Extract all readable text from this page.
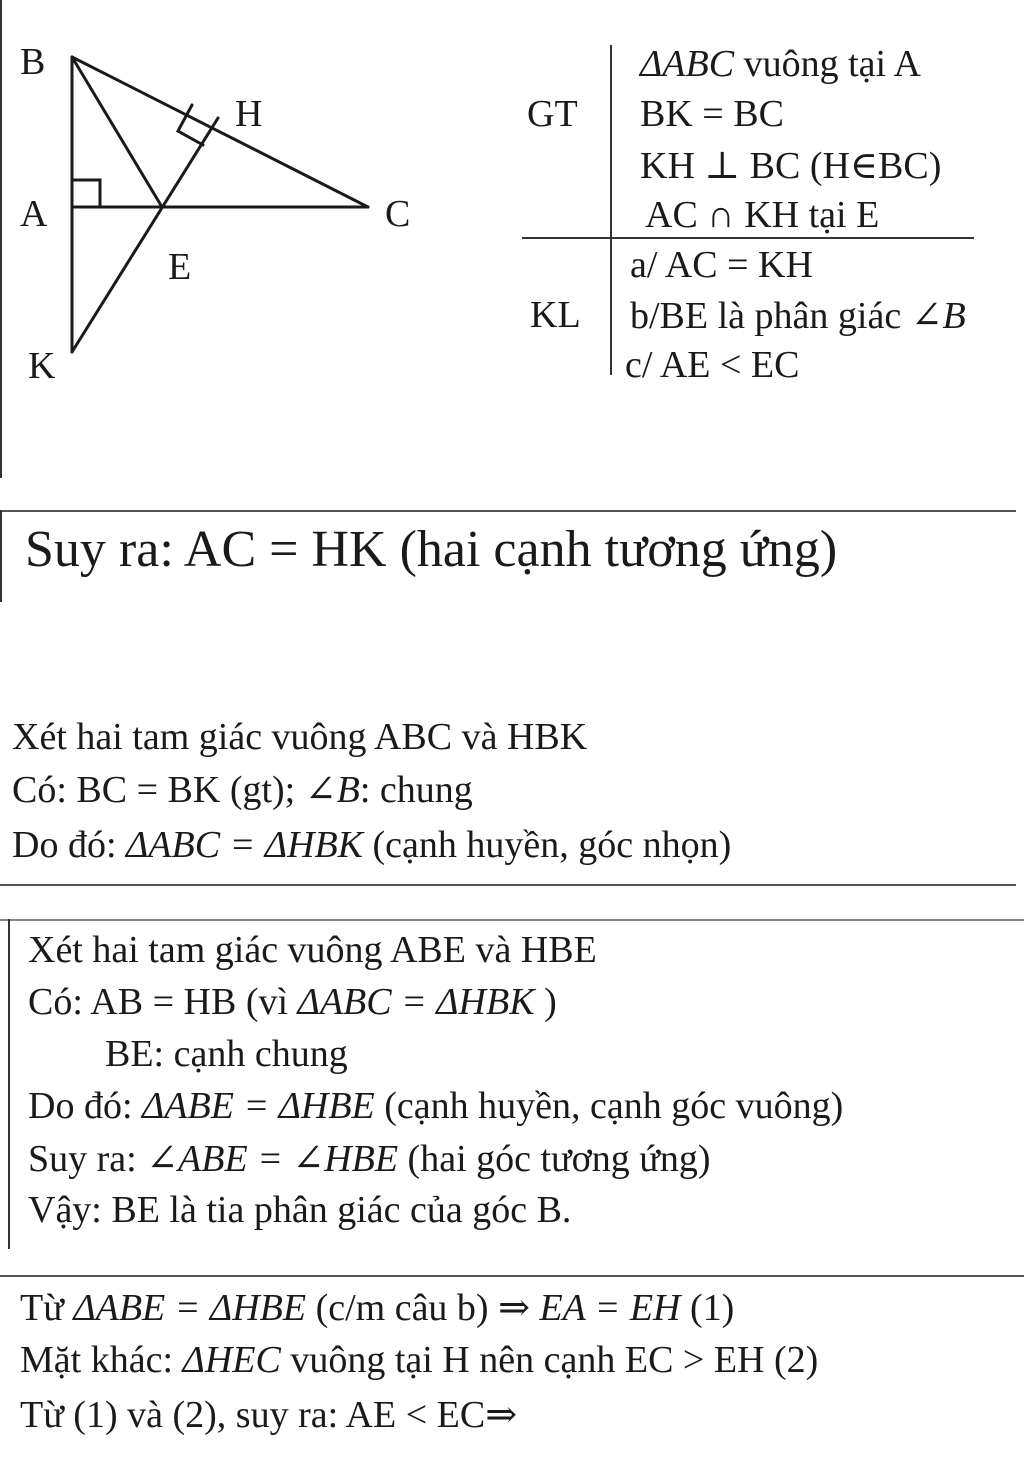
B
H
A	C
E
K
GT
KL
ΔABC vuông tại A
BK = BC
KH ⊥ BC (H∈BC)
AC ∩ KH tại E
a/ AC = KH
b/BE là phân giác ∠B
c/ AE < EC
Suy ra: AC = HK (hai cạnh tương ứng)
Xét hai tam giác vuông ABC và HBK
Có: BC = BK (gt); ∠B: chung
Do đó: ΔABC = ΔHBK (cạnh huyền, góc nhọn)
Xét hai tam giác vuông ABE và HBE
Có: AB = HB (vì ΔABC = ΔHBK )
BE: cạnh chung
Do đó: ΔABE = ΔHBE (cạnh huyền, cạnh góc vuông)
Suy ra: ∠ABE = ∠HBE (hai góc tương ứng)
Vậy: BE là tia phân giác của góc B.
Từ ΔABE = ΔHBE (c/m câu b) ⇒ EA = EH (1)
Mặt khác: ΔHEC vuông tại H nên cạnh EC > EH (2)
Từ (1) và (2), suy ra: AE < EC⇒
